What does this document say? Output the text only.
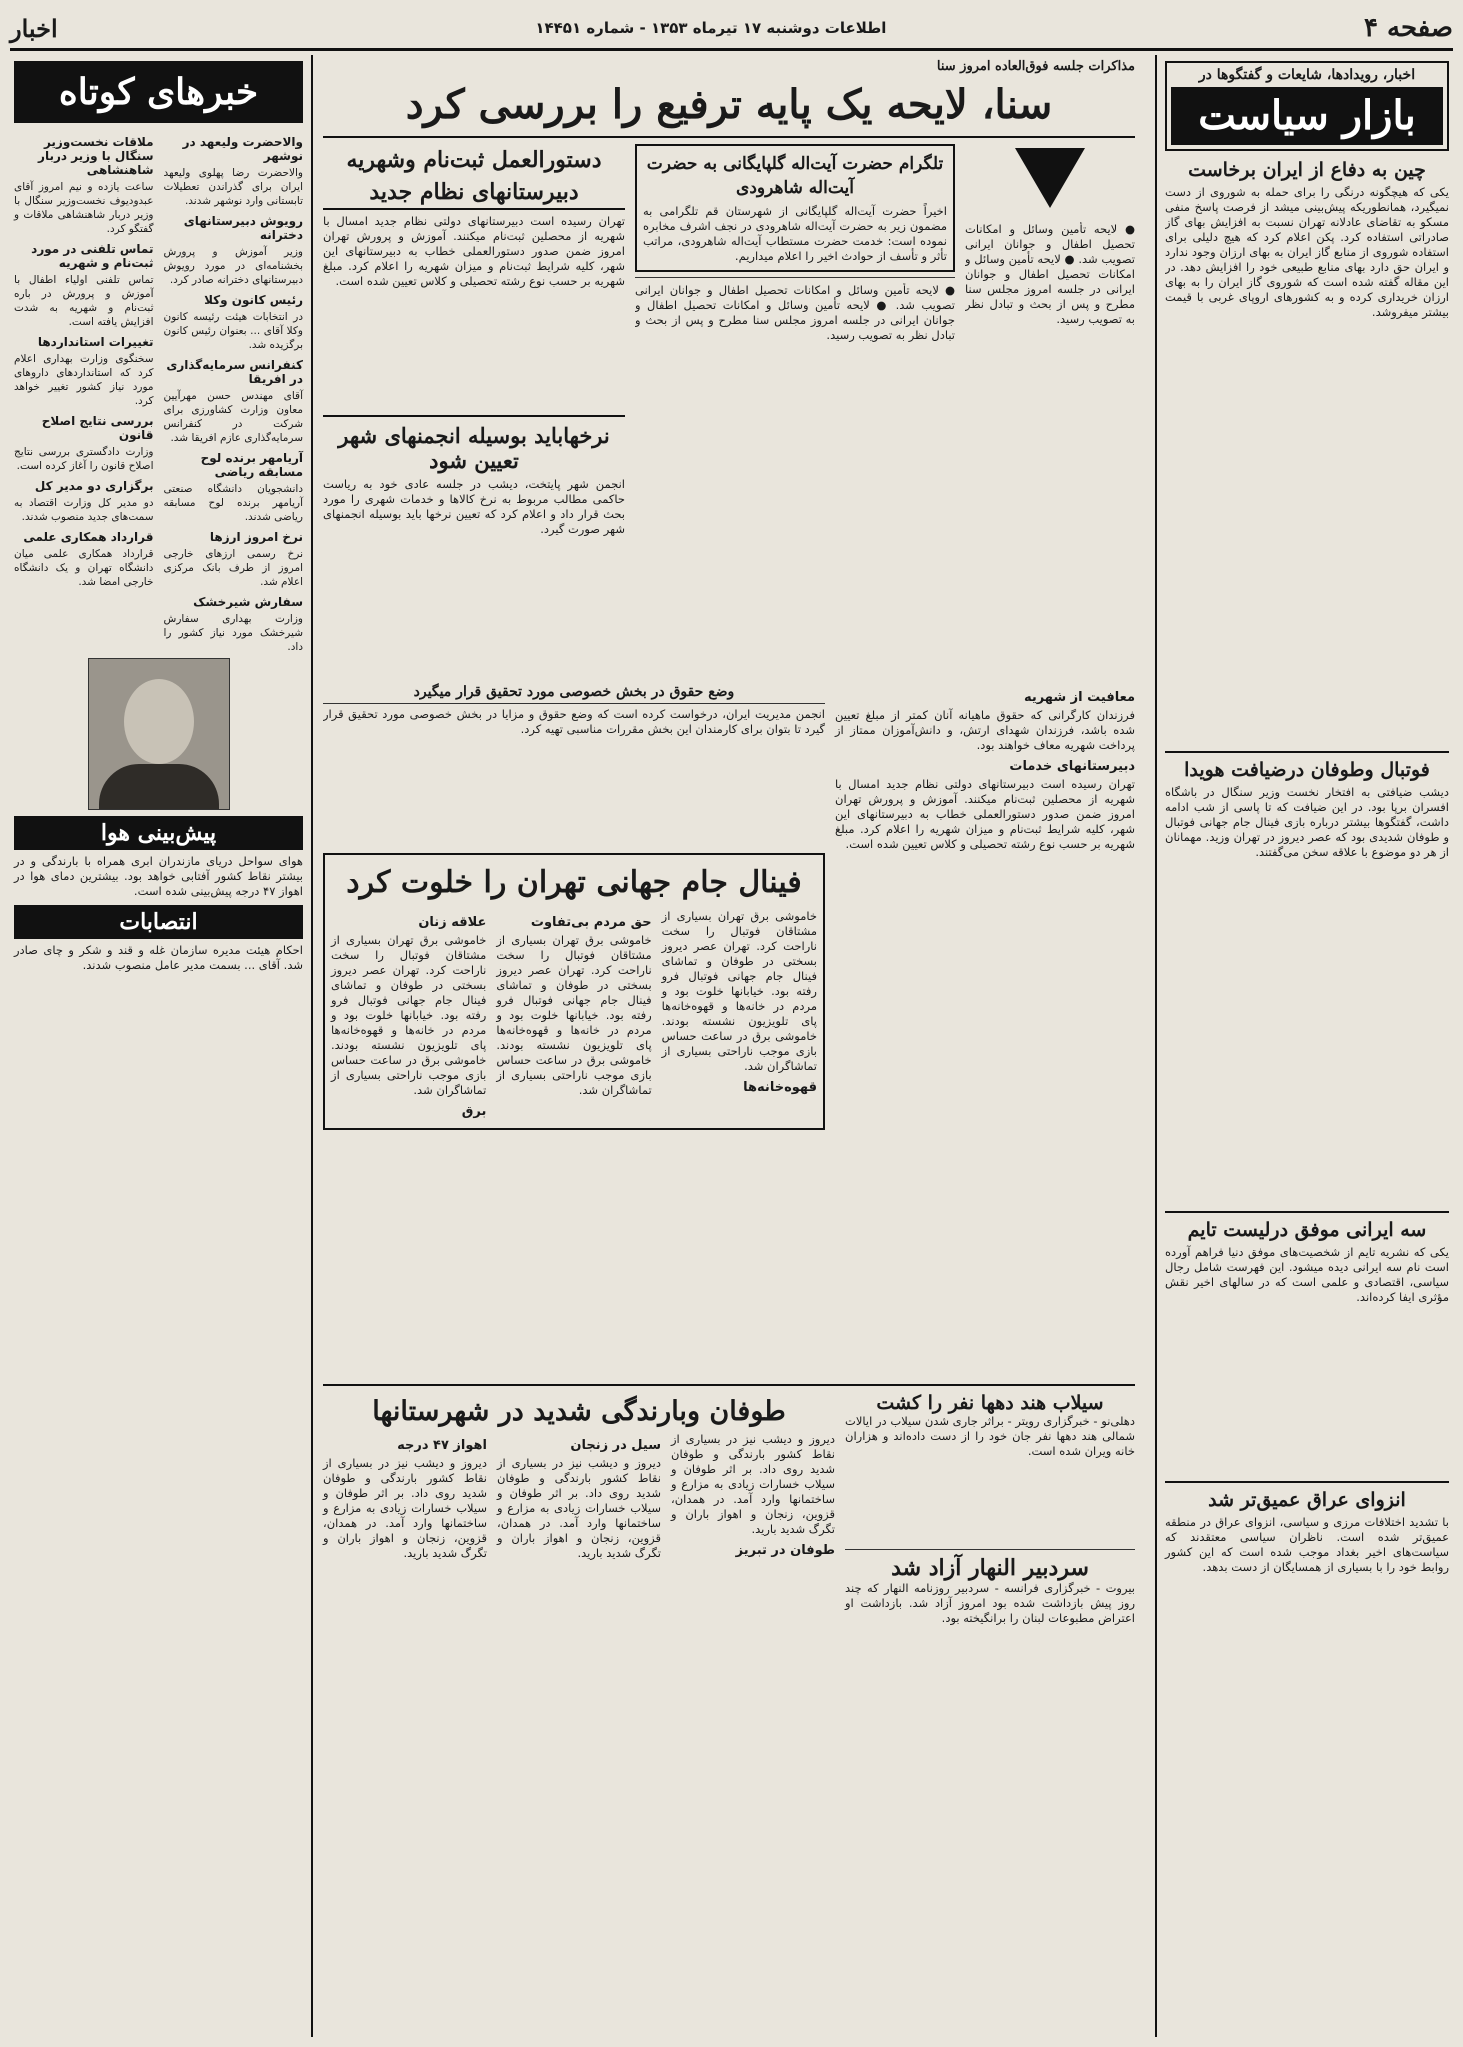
صفحه ۴
اطلاعات دوشنبه ۱۷ تیرماه ۱۳۵۳ - شماره ۱۴۴۵۱
اخبار
اخبار، رویدادها، شایعات و گفتگوها در
بازار سیاست
چین به دفاع از ایران برخاست
یکی که هیچگونه درنگی را برای حمله به شوروی از دست نمیگیرد، همانطوریکه پیش‌بینی میشد از فرصت پاسخ منفی مسکو به تقاضای عادلانه تهران نسبت به افزایش بهای گاز صادراتی استفاده کرد. پکن اعلام کرد که هیچ دلیلی برای استفاده شوروی از منابع گاز ایران به بهای ارزان وجود ندارد و ایران حق دارد بهای منابع طبیعی خود را افزایش دهد. در این مقاله گفته شده است که شوروی گاز ایران را به بهای ارزان خریداری کرده و به کشورهای اروپای غربی با قیمت بیشتر میفروشد.
فوتبال وطوفان درضیافت هویدا
دیشب ضیافتی به افتخار نخست وزیر سنگال در باشگاه افسران برپا بود. در این ضیافت که تا پاسی از شب ادامه داشت، گفتگوها بیشتر درباره بازی فینال جام جهانی فوتبال و طوفان شدیدی بود که عصر دیروز در تهران وزید. مهمانان از هر دو موضوع با علاقه سخن می‌گفتند.
سه ایرانی موفق درلیست تایم
یکی که نشریه تایم از شخصیت‌های موفق دنیا فراهم آورده است نام سه ایرانی دیده میشود. این فهرست شامل رجال سیاسی، اقتصادی و علمی است که در سالهای اخیر نقش مؤثری ایفا کرده‌اند.
انزوای عراق عمیق‌تر شد
با تشدید اختلافات مرزی و سیاسی، انزوای عراق در منطقه عمیق‌تر شده است. ناظران سیاسی معتقدند که سیاست‌های اخیر بغداد موجب شده است که این کشور روابط خود را با بسیاری از همسایگان از دست بدهد.
مذاکرات جلسه فوق‌العاده امروز سنا
سنا، لایحه یک پایه ترفیع را بررسی کرد
● لایحه تأمین وسائل و امکانات تحصیل اطفال و جوانان ایرانی تصویب شد. ● لایحه تأمین وسائل و امکانات تحصیل اطفال و جوانان ایرانی در جلسه امروز مجلس سنا مطرح و پس از بحث و تبادل نظر به تصویب رسید.
تلگرام حضرت آیت‌اله گلپایگانی به حضرت آیت‌اله شاهرودی
اخیراً حضرت آیت‌اله گلپایگانی از شهرستان قم تلگرامی به مضمون زیر به حضرت آیت‌اله شاهرودی در نجف اشرف مخابره نموده است: خدمت حضرت مستطاب آیت‌اله شاهرودی، مراتب تأثر و تأسف از حوادث اخیر را اعلام میداریم.
● لایحه تأمین وسائل و امکانات تحصیل اطفال و جوانان ایرانی تصویب شد. ● لایحه تأمین وسائل و امکانات تحصیل اطفال و جوانان ایرانی در جلسه امروز مجلس سنا مطرح و پس از بحث و تبادل نظر به تصویب رسید.
دستورالعمل ثبت‌نام وشهریه دبیرستانهای نظام جدید
تهران رسیده است دبیرستانهای دولتی نظام جدید امسال با شهریه از محصلین ثبت‌نام میکنند. آموزش و پرورش تهران امروز ضمن صدور دستورالعملی خطاب به دبیرستانهای این شهر، کلیه شرایط ثبت‌نام و میزان شهریه را اعلام کرد. مبلغ شهریه بر حسب نوع رشته تحصیلی و کلاس تعیین شده است.
نرخهاباید بوسیله انجمنهای شهر تعیین شود
انجمن شهر پایتخت، دیشب در جلسه عادی خود به ریاست حاکمی مطالب مربوط به نرخ کالاها و خدمات شهری را مورد بحث قرار داد و اعلام کرد که تعیین نرخها باید بوسیله انجمنهای شهر صورت گیرد.
معافیت از شهریه
فرزندان کارگرانی که حقوق ماهیانه آنان کمتر از مبلغ تعیین شده باشد، فرزندان شهدای ارتش، و دانش‌آموزان ممتاز از پرداخت شهریه معاف خواهند بود.
دبیرستانهای خدمات
تهران رسیده است دبیرستانهای دولتی نظام جدید امسال با شهریه از محصلین ثبت‌نام میکنند. آموزش و پرورش تهران امروز ضمن صدور دستورالعملی خطاب به دبیرستانهای این شهر، کلیه شرایط ثبت‌نام و میزان شهریه را اعلام کرد. مبلغ شهریه بر حسب نوع رشته تحصیلی و کلاس تعیین شده است.
وضع حقوق در بخش خصوصی مورد تحقیق قرار میگیرد
انجمن مدیریت ایران، درخواست کرده است که وضع حقوق و مزایا در بخش خصوصی مورد تحقیق قرار گیرد تا بتوان برای کارمندان این بخش مقررات مناسبی تهیه کرد.
فینال جام جهانی تهران را خلوت کرد
خاموشی برق تهران بسیاری از مشتاقان فوتبال را سخت ناراحت کرد. تهران عصر دیروز بسختی در طوفان و تماشای فینال جام جهانی فوتبال فرو رفته بود. خیابانها خلوت بود و مردم در خانه‌ها و قهوه‌خانه‌ها پای تلویزیون نشسته بودند. خاموشی برق در ساعت حساس بازی موجب ناراحتی بسیاری از تماشاگران شد.
قهوه‌خانه‌ها
حق مردم بی‌تفاوت
خاموشی برق تهران بسیاری از مشتاقان فوتبال را سخت ناراحت کرد. تهران عصر دیروز بسختی در طوفان و تماشای فینال جام جهانی فوتبال فرو رفته بود. خیابانها خلوت بود و مردم در خانه‌ها و قهوه‌خانه‌ها پای تلویزیون نشسته بودند. خاموشی برق در ساعت حساس بازی موجب ناراحتی بسیاری از تماشاگران شد.
علاقه زنان
خاموشی برق تهران بسیاری از مشتاقان فوتبال را سخت ناراحت کرد. تهران عصر دیروز بسختی در طوفان و تماشای فینال جام جهانی فوتبال فرو رفته بود. خیابانها خلوت بود و مردم در خانه‌ها و قهوه‌خانه‌ها پای تلویزیون نشسته بودند. خاموشی برق در ساعت حساس بازی موجب ناراحتی بسیاری از تماشاگران شد.
برق
سیلاب هند دهها نفر را کشت
دهلی‌نو - خبرگزاری رویتر - براثر جاری شدن سیلاب در ایالات شمالی هند دهها نفر جان خود را از دست داده‌اند و هزاران خانه ویران شده است.
سردبیر النهار آزاد شد
بیروت - خبرگزاری فرانسه - سردبیر روزنامه النهار که چند روز پیش بازداشت شده بود امروز آزاد شد. بازداشت او اعتراض مطبوعات لبنان را برانگیخته بود.
طوفان وبارندگی شدید در شهرستانها
دیروز و دیشب نیز در بسیاری از نقاط کشور بارندگی و طوفان شدید روی داد. بر اثر طوفان و سیلاب خسارات زیادی به مزارع و ساختمانها وارد آمد. در همدان، قزوین، زنجان و اهواز باران و تگرگ شدید بارید.
طوفان در تبریز
سیل در زنجان
دیروز و دیشب نیز در بسیاری از نقاط کشور بارندگی و طوفان شدید روی داد. بر اثر طوفان و سیلاب خسارات زیادی به مزارع و ساختمانها وارد آمد. در همدان، قزوین، زنجان و اهواز باران و تگرگ شدید بارید.
اهواز ۴۷ درجه
دیروز و دیشب نیز در بسیاری از نقاط کشور بارندگی و طوفان شدید روی داد. بر اثر طوفان و سیلاب خسارات زیادی به مزارع و ساختمانها وارد آمد. در همدان، قزوین، زنجان و اهواز باران و تگرگ شدید بارید.
خبرهای کوتاه
والاحضرت ولیعهد در نوشهر
والاحضرت رضا پهلوی ولیعهد ایران برای گذراندن تعطیلات تابستانی وارد نوشهر شدند.
رویوش دبیرستانهای دخترانه
وزیر آموزش و پرورش بخشنامه‌ای در مورد رویوش دبیرستانهای دخترانه صادر کرد.
رئیس کانون وکلا
در انتخابات هیئت رئیسه کانون وکلا آقای ... بعنوان رئیس کانون برگزیده شد.
کنفرانس سرمایه‌گذاری در افریقا
آقای مهندس حسن مهرآیین معاون وزارت کشاورزی برای شرکت در کنفرانس سرمایه‌گذاری عازم افریقا شد.
آریامهر برنده لوح مسابقه ریاضی
دانشجویان دانشگاه صنعتی آریامهر برنده لوح مسابقه ریاضی شدند.
نرخ امروز ارزها
نرخ رسمی ارزهای خارجی امروز از طرف بانک مرکزی اعلام شد.
سفارش شیرخشک
وزارت بهداری سفارش شیرخشک مورد نیاز کشور را داد.
ملاقات نخست‌وزیر سنگال با وزیر دربار شاهنشاهی
ساعت یازده و نیم امروز آقای عبدودیوف نخست‌وزیر سنگال با وزیر دربار شاهنشاهی ملاقات و گفتگو کرد.
تماس تلفنی در مورد ثبت‌نام و شهریه
تماس تلفنی اولیاء اطفال با آموزش و پرورش در باره ثبت‌نام و شهریه به شدت افزایش یافته است.
تغییرات استانداردها
سخنگوی وزارت بهداری اعلام کرد که استانداردهای داروهای مورد نیاز کشور تغییر خواهد کرد.
بررسی نتایج اصلاح قانون
وزارت دادگستری بررسی نتایج اصلاح قانون را آغاز کرده است.
برگزاری دو مدیر کل
دو مدیر کل وزارت اقتصاد به سمت‌های جدید منصوب شدند.
قرارداد همکاری علمی
قرارداد همکاری علمی میان دانشگاه تهران و یک دانشگاه خارجی امضا شد.
پیش‌بینی هوا
هوای سواحل دریای مازندران ابری همراه با بارندگی و در بیشتر نقاط کشور آفتابی خواهد بود. بیشترین دمای هوا در اهواز ۴۷ درجه پیش‌بینی شده است.
انتصابات
احکام هیئت مدیره سازمان غله و قند و شکر و چای صادر شد. آقای ... بسمت مدیر عامل منصوب شدند.
